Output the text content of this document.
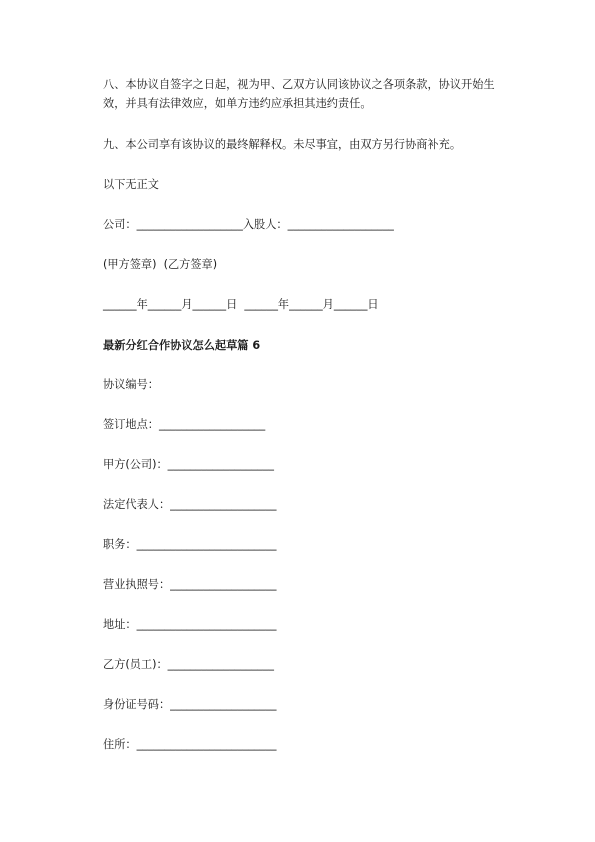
八、本协议自签字之日起，视为甲、乙双方认同该协议之各项条款，协议开始生
效，并具有法律效应，如单方违约应承担其违约责任。
九、本公司享有该协议的最终解释权。未尽事宜，由双方另行协商补充。
以下无正文
公司：___________________入股人：___________________
(甲方签章)  (乙方签章)
______年______月______日  ______年______月______日
最新分红合作协议怎么起草篇 6
协议编号：
签订地点：___________________
甲方(公司)：___________________
法定代表人：___________________
职务：_________________________
营业执照号：___________________
地址：_________________________
乙方(员工)：___________________
身份证号码：___________________
住所：_________________________
